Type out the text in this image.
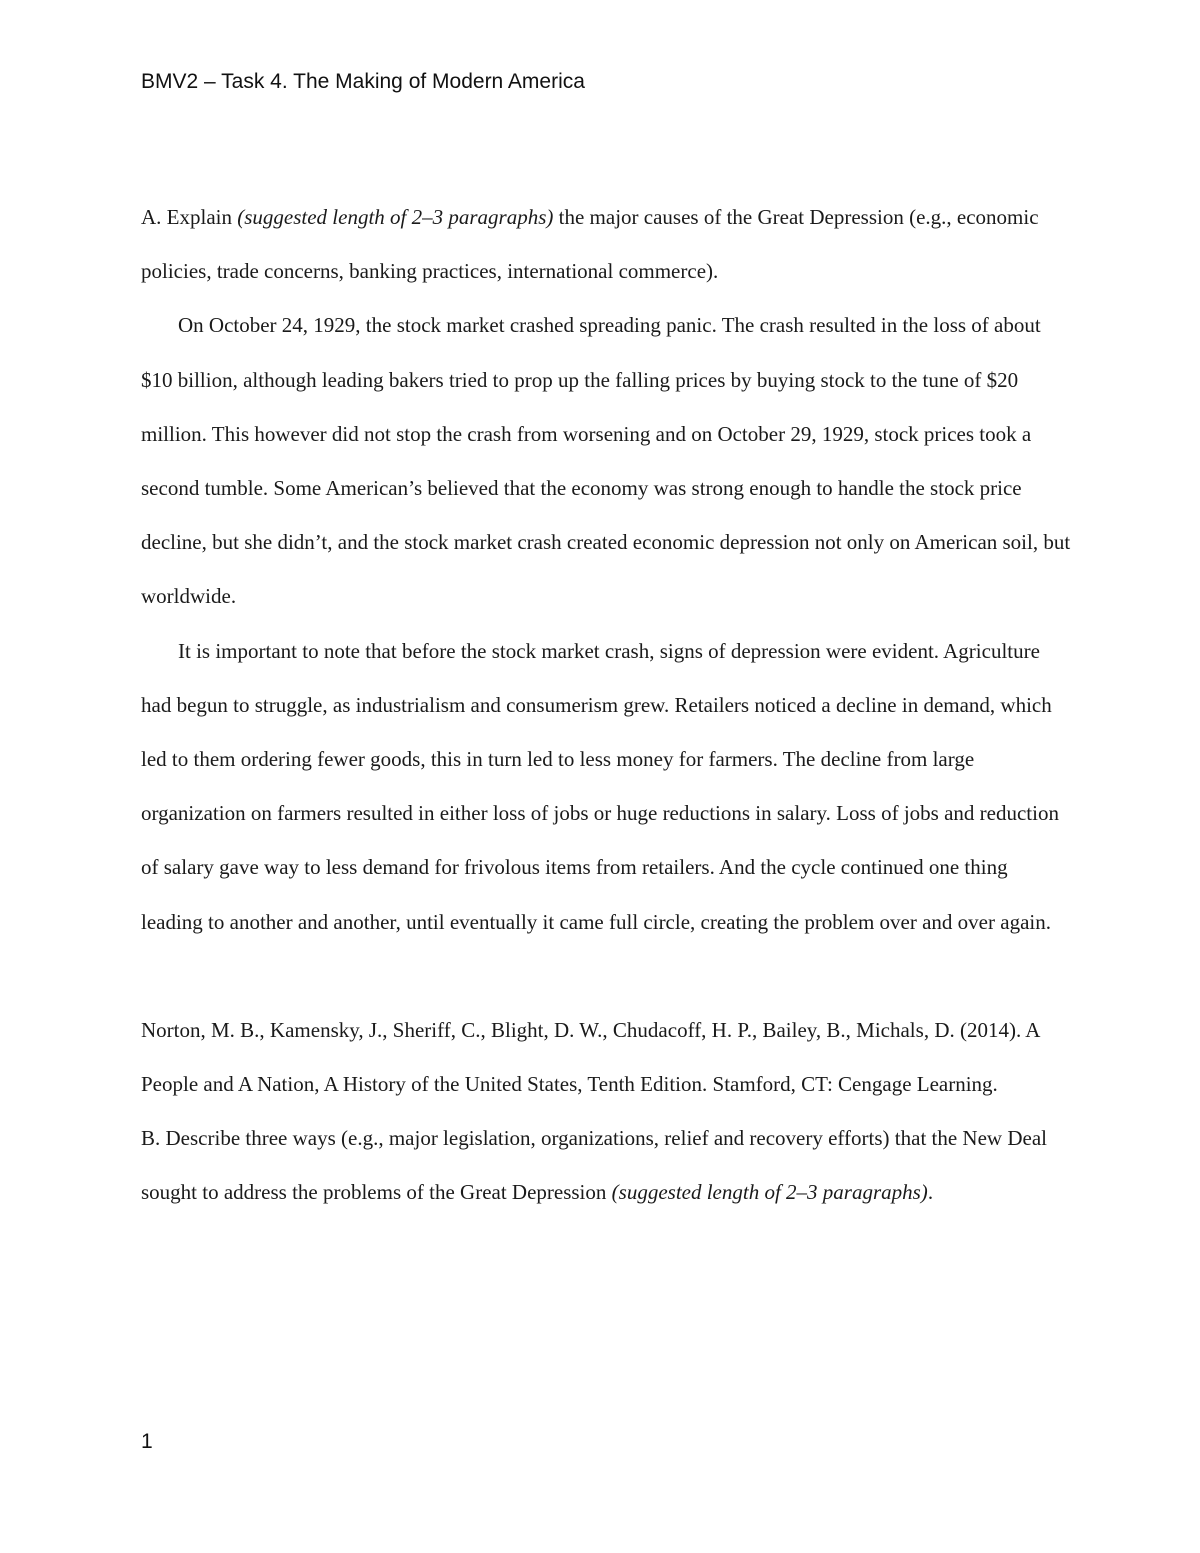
BMV2 – Task 4. The Making of Modern America

A. Explain (suggested length of 2–3 paragraphs) the major causes of the Great Depression (e.g., economic policies, trade concerns, banking practices, international commerce).

On October 24, 1929, the stock market crashed spreading panic. The crash resulted in the loss of about $10 billion, although leading bakers tried to prop up the falling prices by buying stock to the tune of $20 million. This however did not stop the crash from worsening and on October 29, 1929, stock prices took a second tumble. Some American’s believed that the economy was strong enough to handle the stock price decline, but she didn’t, and the stock market crash created economic depression not only on American soil, but worldwide.

It is important to note that before the stock market crash, signs of depression were evident. Agriculture had begun to struggle, as industrialism and consumerism grew. Retailers noticed a decline in demand, which led to them ordering fewer goods, this in turn led to less money for farmers. The decline from large organization on farmers resulted in either loss of jobs or huge reductions in salary. Loss of jobs and reduction of salary gave way to less demand for frivolous items from retailers. And the cycle continued one thing leading to another and another, until eventually it came full circle, creating the problem over and over again.

Norton, M. B., Kamensky, J., Sheriff, C., Blight, D. W., Chudacoff, H. P., Bailey, B., Michals, D. (2014). A People and A Nation, A History of the United States, Tenth Edition. Stamford, CT: Cengage Learning.

B. Describe three ways (e.g., major legislation, organizations, relief and recovery efforts) that the New Deal sought to address the problems of the Great Depression (suggested length of 2–3 paragraphs).

1
